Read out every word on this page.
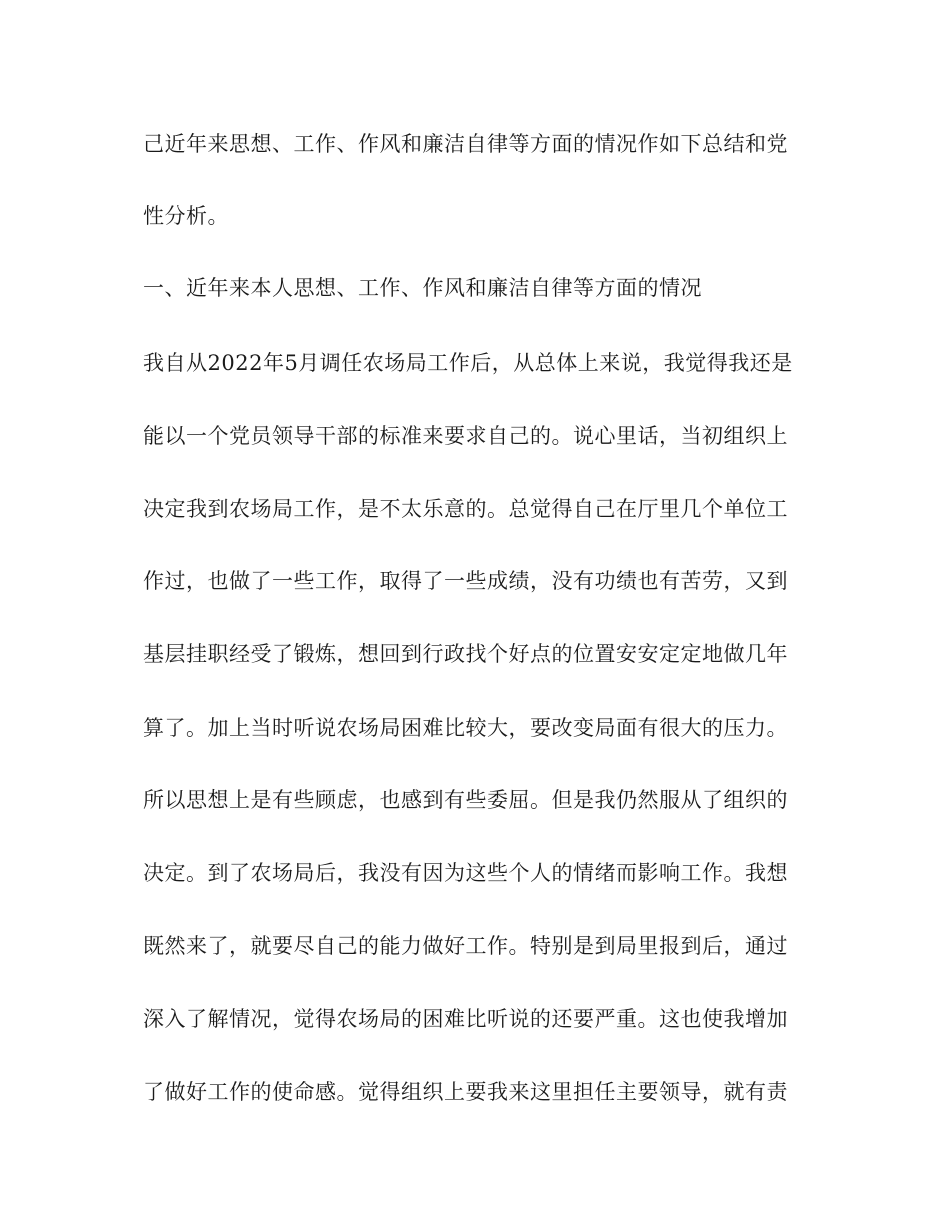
己近年来思想、工作、作风和廉洁自律等方面的情况作如下总结和党
性分析。
一、近年来本人思想、工作、作风和廉洁自律等方面的情况
我自从2022年5月调任农场局工作后，从总体上来说，我觉得我还是
能以一个党员领导干部的标准来要求自己的。说心里话，当初组织上
决定我到农场局工作，是不太乐意的。总觉得自己在厅里几个单位工
作过，也做了一些工作，取得了一些成绩，没有功绩也有苦劳，又到
基层挂职经受了锻炼，想回到行政找个好点的位置安安定定地做几年
算了。加上当时听说农场局困难比较大，要改变局面有很大的压力。
所以思想上是有些顾虑，也感到有些委屈。但是我仍然服从了组织的
决定。到了农场局后，我没有因为这些个人的情绪而影响工作。我想
既然来了，就要尽自己的能力做好工作。特别是到局里报到后，通过
深入了解情况，觉得农场局的困难比听说的还要严重。这也使我增加
了做好工作的使命感。觉得组织上要我来这里担任主要领导，就有责
